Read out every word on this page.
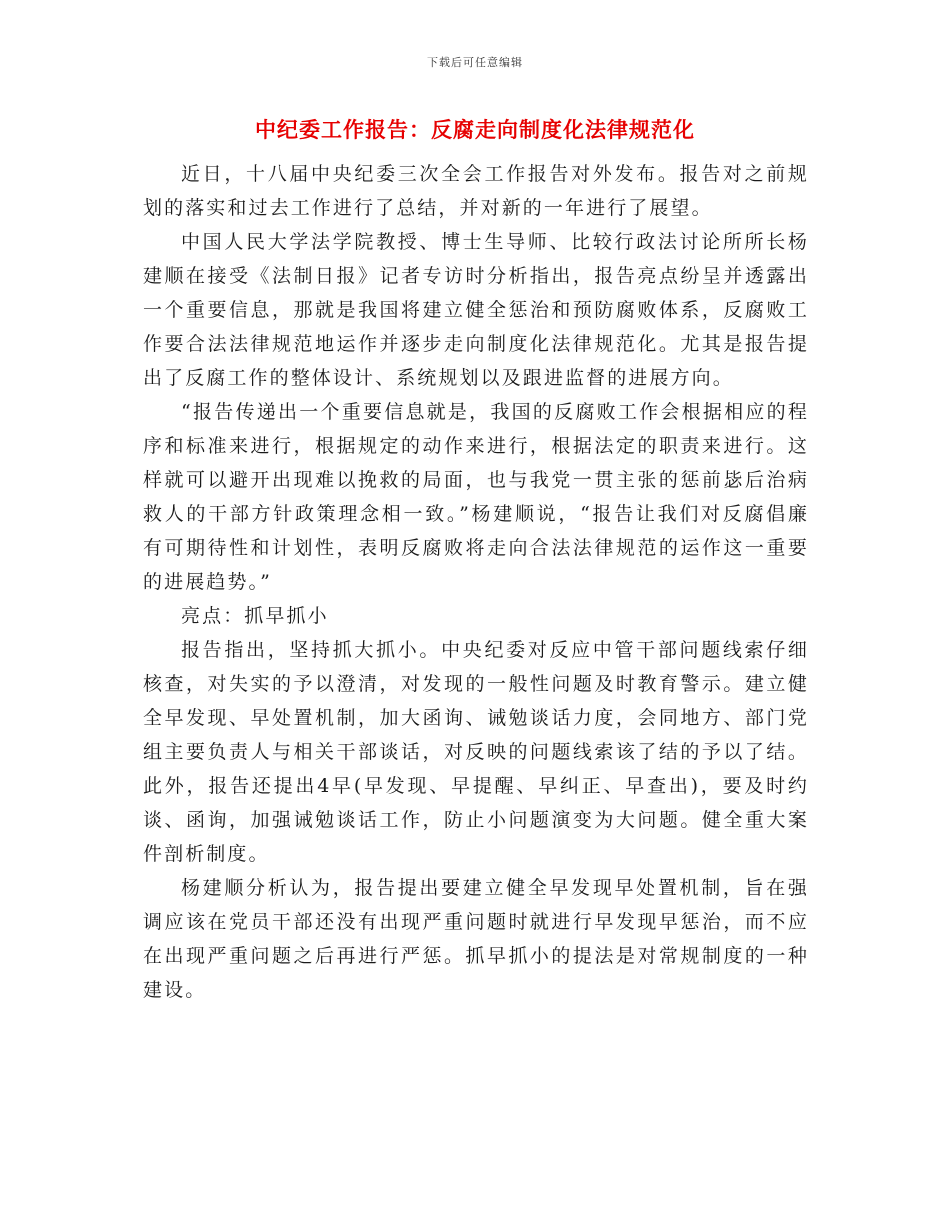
下载后可任意编辑
中纪委工作报告：反腐走向制度化法律规范化

近日，十八届中央纪委三次全会工作报告对外发布。报告对之前规划的落实和过去工作进行了总结，并对新的一年进行了展望。

中国人民大学法学院教授、博士生导师、比较行政法讨论所所长杨建顺在接受《法制日报》记者专访时分析指出，报告亮点纷呈并透露出一个重要信息，那就是我国将建立健全惩治和预防腐败体系，反腐败工作要合法法律规范地运作并逐步走向制度化法律规范化。尤其是报告提出了反腐工作的整体设计、系统规划以及跟进监督的进展方向。

“报告传递出一个重要信息就是，我国的反腐败工作会根据相应的程序和标准来进行，根据规定的动作来进行，根据法定的职责来进行。这样就可以避开出现难以挽救的局面，也与我党一贯主张的惩前毖后治病救人的干部方针政策理念相一致。”杨建顺说，“报告让我们对反腐倡廉有可期待性和计划性，表明反腐败将走向合法法律规范的运作这一重要的进展趋势。”

亮点：抓早抓小

报告指出，坚持抓大抓小。中央纪委对反应中管干部问题线索仔细核查，对失实的予以澄清，对发现的一般性问题及时教育警示。建立健全早发现、早处置机制，加大函询、诫勉谈话力度，会同地方、部门党组主要负责人与相关干部谈话，对反映的问题线索该了结的予以了结。此外，报告还提出4早(早发现、早提醒、早纠正、早查出)，要及时约谈、函询，加强诫勉谈话工作，防止小问题演变为大问题。健全重大案件剖析制度。

杨建顺分析认为，报告提出要建立健全早发现早处置机制，旨在强调应该在党员干部还没有出现严重问题时就进行早发现早惩治，而不应在出现严重问题之后再进行严惩。抓早抓小的提法是对常规制度的一种建设。
